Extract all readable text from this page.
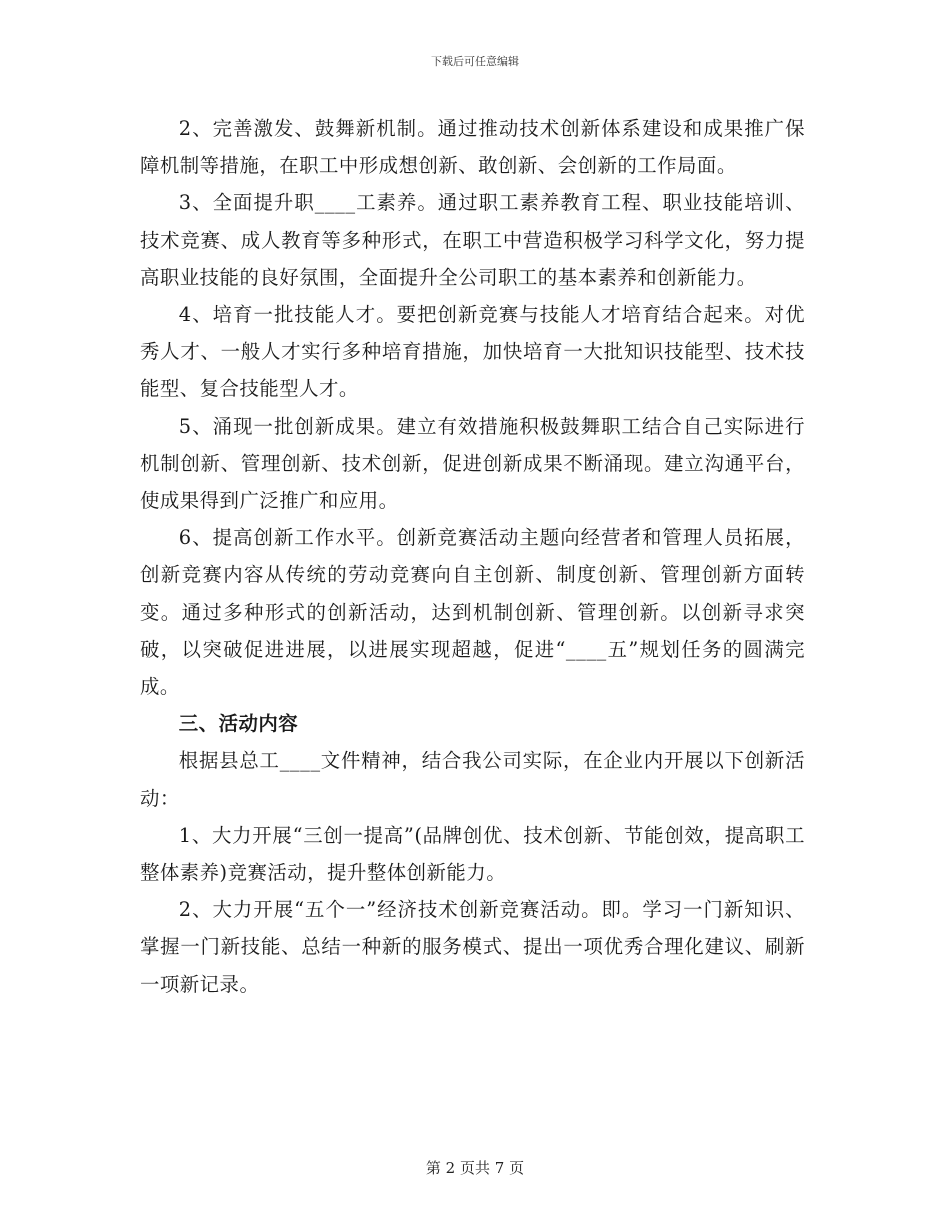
下载后可任意编辑

2、完善激发、鼓舞新机制。通过推动技术创新体系建设和成果推广保障机制等措施，在职工中形成想创新、敢创新、会创新的工作局面。

3、全面提升职____工素养。通过职工素养教育工程、职业技能培训、技术竞赛、成人教育等多种形式，在职工中营造积极学习科学文化，努力提高职业技能的良好氛围，全面提升全公司职工的基本素养和创新能力。

4、培育一批技能人才。要把创新竞赛与技能人才培育结合起来。对优秀人才、一般人才实行多种培育措施，加快培育一大批知识技能型、技术技能型、复合技能型人才。

5、涌现一批创新成果。建立有效措施积极鼓舞职工结合自己实际进行机制创新、管理创新、技术创新，促进创新成果不断涌现。建立沟通平台，使成果得到广泛推广和应用。

6、提高创新工作水平。创新竞赛活动主题向经营者和管理人员拓展，创新竞赛内容从传统的劳动竞赛向自主创新、制度创新、管理创新方面转变。通过多种形式的创新活动，达到机制创新、管理创新。以创新寻求突破，以突破促进进展，以进展实现超越，促进“____五”规划任务的圆满完成。

三、活动内容

根据县总工____文件精神，结合我公司实际，在企业内开展以下创新活动：

1、大力开展“三创一提高”(品牌创优、技术创新、节能创效，提高职工整体素养)竞赛活动，提升整体创新能力。

2、大力开展“五个一”经济技术创新竞赛活动。即。学习一门新知识、掌握一门新技能、总结一种新的服务模式、提出一项优秀合理化建议、刷新一项新记录。

第 2 页共 7 页
